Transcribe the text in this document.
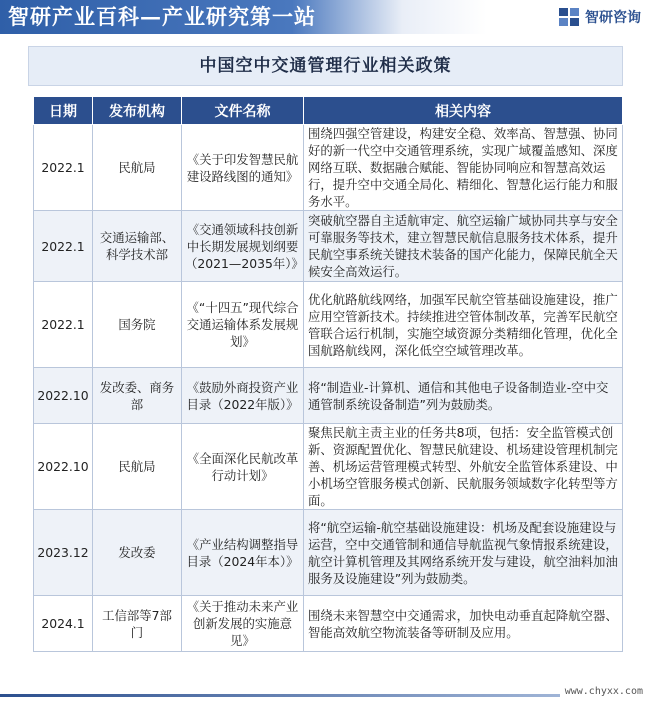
智研产业百科—产业研究第一站	智研咨询
中国空中交通管理行业相关政策
日期	发布机构	文件名称	相关内容
2022.1	民航局	《关于印发智慧民航建设路线图的通知》	围绕四强空管建设，构建安全稳、效率高、智慧强、协同好的新一代空中交通管理系统，实现广域覆盖感知、深度网络互联、数据融合赋能、智能协同响应和智慧高效运行，提升空中交通全局化、精细化、智慧化运行能力和服务水平。
2022.1	交通运输部、科学技术部	《交通领域科技创新中长期发展规划纲要（2021—2035年）》	突破航空器自主适航审定、航空运输广域协同共享与安全可靠服务等技术，建立智慧民航信息服务技术体系，提升民航空事系统关键技术装备的国产化能力，保障民航全天候安全高效运行。
2022.1	国务院	《“十四五”现代综合交通运输体系发展规划》	优化航路航线网络，加强军民航空管基础设施建设，推广应用空管新技术。持续推进空管体制改革，完善军民航空管联合运行机制，实施空域资源分类精细化管理，优化全国航路航线网，深化低空空域管理改革。
2022.10	发改委、商务部	《鼓励外商投资产业目录（2022年版）》	将“制造业-计算机、通信和其他电子设备制造业-空中交通管制系统设备制造”列为鼓励类。
2022.10	民航局	《全面深化民航改革行动计划》	聚焦民航主责主业的任务共8项，包括：安全监管模式创新、资源配置优化、智慧民航建设、机场建设管理机制完善、机场运营管理模式转型、外航安全监管体系建设、中小机场空管服务模式创新、民航服务领域数字化转型等方面。
2023.12	发改委	《产业结构调整指导目录（2024年本）》	将“航空运输-航空基础设施建设：机场及配套设施建设与运营，空中交通管制和通信导航监视气象情报系统建设，航空计算机管理及其网络系统开发与建设，航空油料加油服务及设施建设”列为鼓励类。
2024.1	工信部等7部门	《关于推动未来产业创新发展的实施意见》	围绕未来智慧空中交通需求，加快电动垂直起降航空器、智能高效航空物流装备等研制及应用。
www.chyxx.com
